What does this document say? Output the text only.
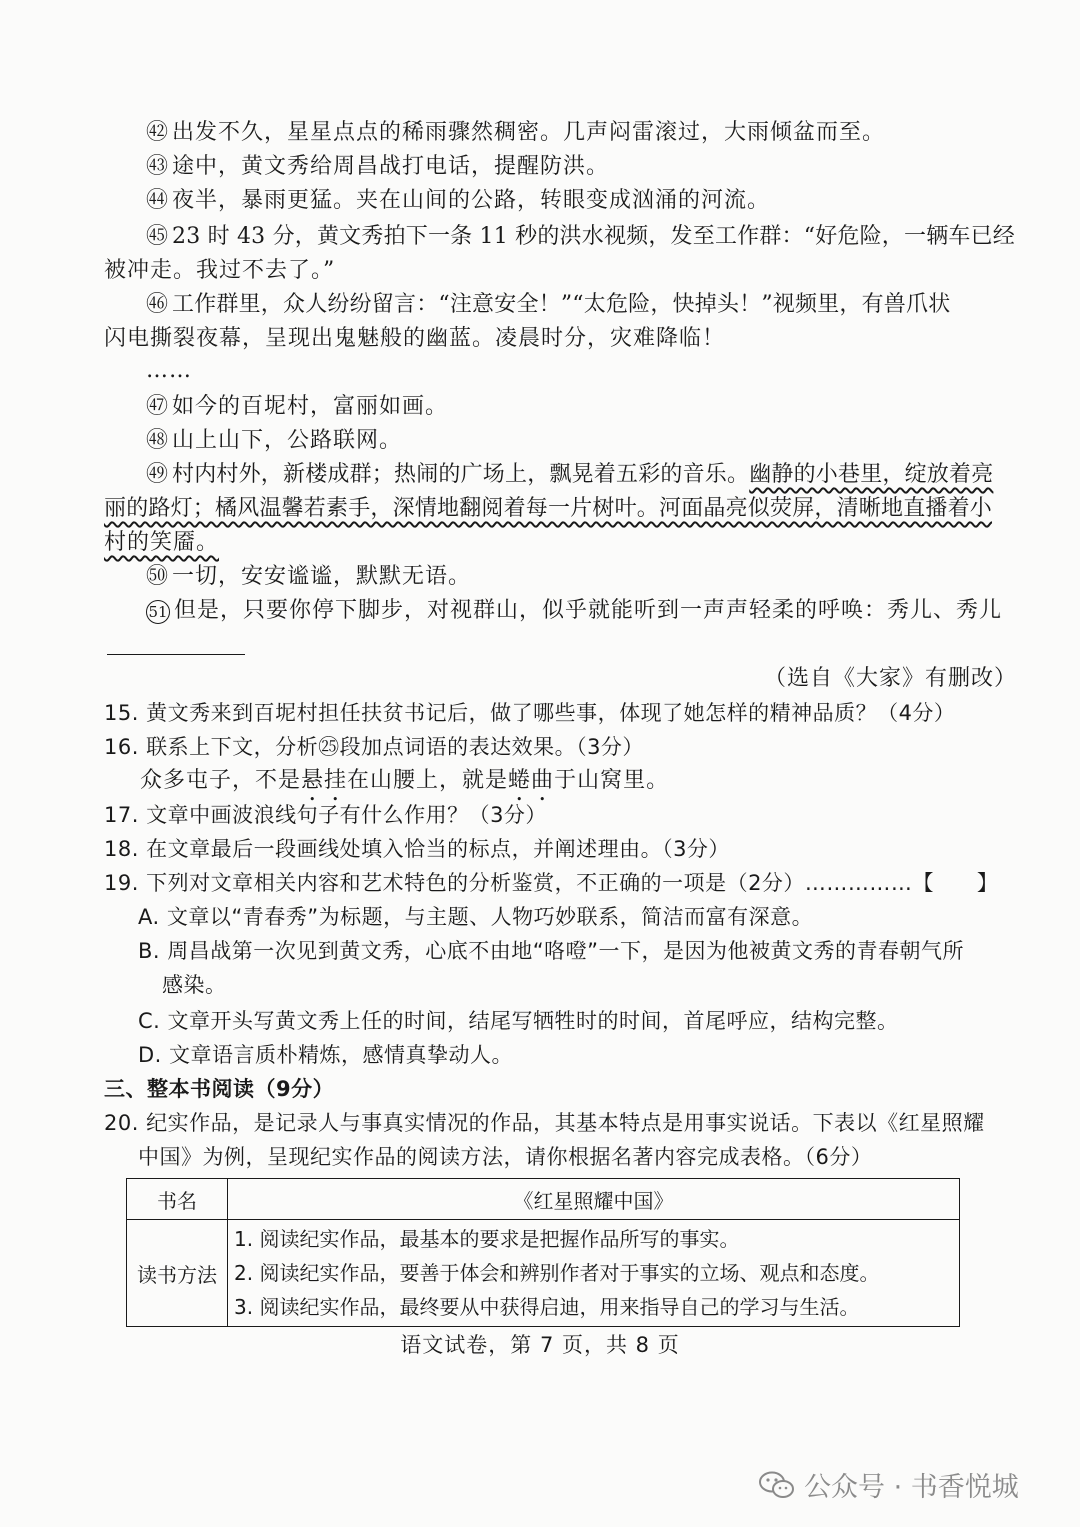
㊷ 出发不久，星星点点的稀雨骤然稠密。几声闷雷滚过，大雨倾盆而至。
㊸ 途中，黄文秀给周昌战打电话，提醒防洪。
㊹ 夜半，暴雨更猛。夹在山间的公路，转眼变成汹涌的河流。
㊺ 23 时 43 分，黄文秀拍下一条 11 秒的洪水视频，发至工作群：“好危险，一辆车已经
被冲走。我过不去了。”
㊻ 工作群里，众人纷纷留言：“注意安全！”“太危险，快掉头！”视频里，有兽爪状
闪电撕裂夜幕，呈现出鬼魅般的幽蓝。凌晨时分，灾难降临！
……
㊼ 如今的百坭村，富丽如画。
㊽ 山上山下，公路联网。
㊾ 村内村外，新楼成群；热闹的广场上，飘晃着五彩的音乐。幽静的小巷里，绽放着亮
丽的路灯；橘风温馨若素手，深情地翻阅着每一片树叶。河面晶亮似荧屏，清晰地直播着小
村的笑靥。
㊿ 一切，安安谧谧，默默无语。
51 但是，只要你停下脚步，对视群山，似乎就能听到一声声轻柔的呼唤：秀儿、秀儿
（选自《大家》有删改）
15. 黄文秀来到百坭村担任扶贫书记后，做了哪些事，体现了她怎样的精神品质？（4分）
16. 联系上下文，分析㉕段加点词语的表达效果。（3分）
众多屯子，不是悬挂在山腰上，就是蜷曲于山窝里。
17. 文章中画波浪线句子有什么作用？（3分）
18. 在文章最后一段画线处填入恰当的标点，并阐述理由。（3分）
19. 下列对文章相关内容和艺术特色的分析鉴赏，不正确的一项是（2分）……………【　　】
A. 文章以“青春秀”为标题，与主题、人物巧妙联系，简洁而富有深意。
B. 周昌战第一次见到黄文秀，心底不由地“咯噔”一下，是因为他被黄文秀的青春朝气所
感染。
C. 文章开头写黄文秀上任的时间，结尾写牺牲时的时间，首尾呼应，结构完整。
D. 文章语言质朴精炼，感情真挚动人。
三、整本书阅读（9分）
20. 纪实作品，是记录人与事真实情况的作品，其基本特点是用事实说话。下表以《红星照耀
中国》为例，呈现纪实作品的阅读方法，请你根据名著内容完成表格。（6分）
书名	《红星照耀中国》
读书方法	1. 阅读纪实作品，最基本的要求是把握作品所写的事实。
2. 阅读纪实作品，要善于体会和辨别作者对于事实的立场、观点和态度。
3. 阅读纪实作品，最终要从中获得启迪，用来指导自己的学习与生活。
语文试卷，第 7 页，共 8 页
公众号 · 书香悦城
